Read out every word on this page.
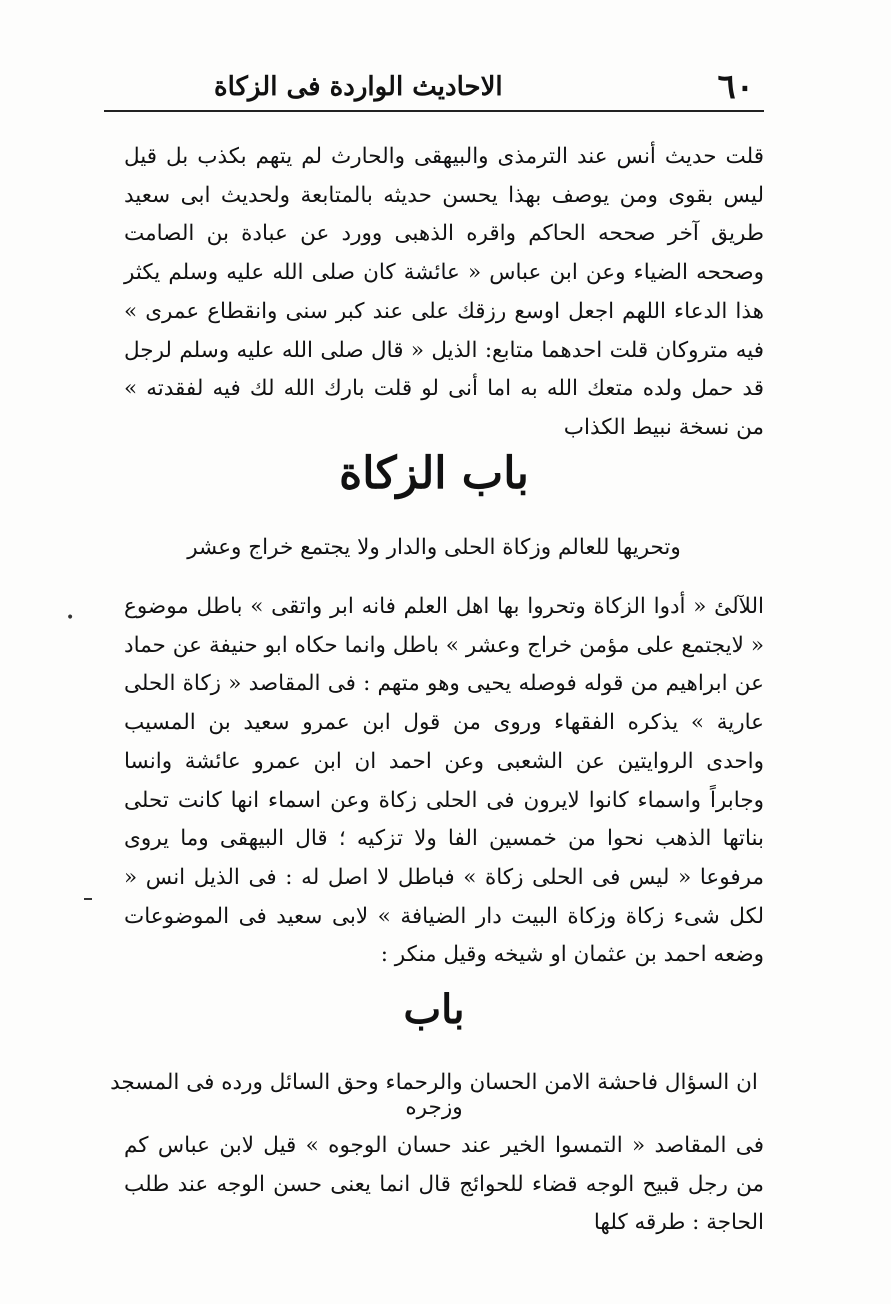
٦٠
الاحاديث الواردة فى الزكاة

قلت حديث أنس عند الترمذى والبيهقى والحارث لم يتهم بكذب بل قيل ليس بقوى ومن يوصف بهذا يحسن حديثه بالمتابعة ولحديث ابى سعيد طريق آخر صححه الحاكم واقره الذهبى وورد عن عبادة بن الصامت وصححه الضياء وعن ابن عباس « عائشة كان صلى الله عليه وسلم يكثر هذا الدعاء اللهم اجعل اوسع رزقك على عند كبر سنى وانقطاع عمرى » فيه متروكان قلت احدهما متابع: الذيل « قال صلى الله عليه وسلم لرجل قد حمل ولده متعك الله به اما أنى لو قلت بارك الله لك فيه لفقدته » من نسخة نبيط الكذاب

باب الزكاة
وتحريها للعالم وزكاة الحلى والدار ولا يجتمع خراج وعشر

اللآلئ « أدوا الزكاة وتحروا بها اهل العلم فانه ابر واتقى » باطل موضوع « لايجتمع على مؤمن خراج وعشر » باطل وانما حكاه ابو حنيفة عن حماد عن ابراهيم من قوله فوصله يحيى وهو متهم : فى المقاصد « زكاة الحلى عارية » يذكره الفقهاء وروى من قول ابن عمرو سعيد بن المسيب واحدى الروايتين عن الشعبى وعن احمد ان ابن عمرو عائشة وانسا وجابراً واسماء كانوا لايرون فى الحلى زكاة وعن اسماء انها كانت تحلى بناتها الذهب نحوا من خمسين الفا ولا تزكيه ؛ قال البيهقى وما يروى مرفوعا « ليس فى الحلى زكاة » فباطل لا اصل له : فى الذيل انس « لكل شىء زكاة وزكاة البيت دار الضيافة » لابى سعيد فى الموضوعات وضعه احمد بن عثمان او شيخه وقيل منكر :

باب
ان السؤال فاحشة الامن الحسان والرحماء وحق السائل ورده فى المسجد وزجره

فى المقاصد « التمسوا الخير عند حسان الوجوه » قيل لابن عباس كم من رجل قبيح الوجه قضاء للحوائج قال انما يعنى حسن الوجه عند طلب الحاجة : طرقه كلها

•
